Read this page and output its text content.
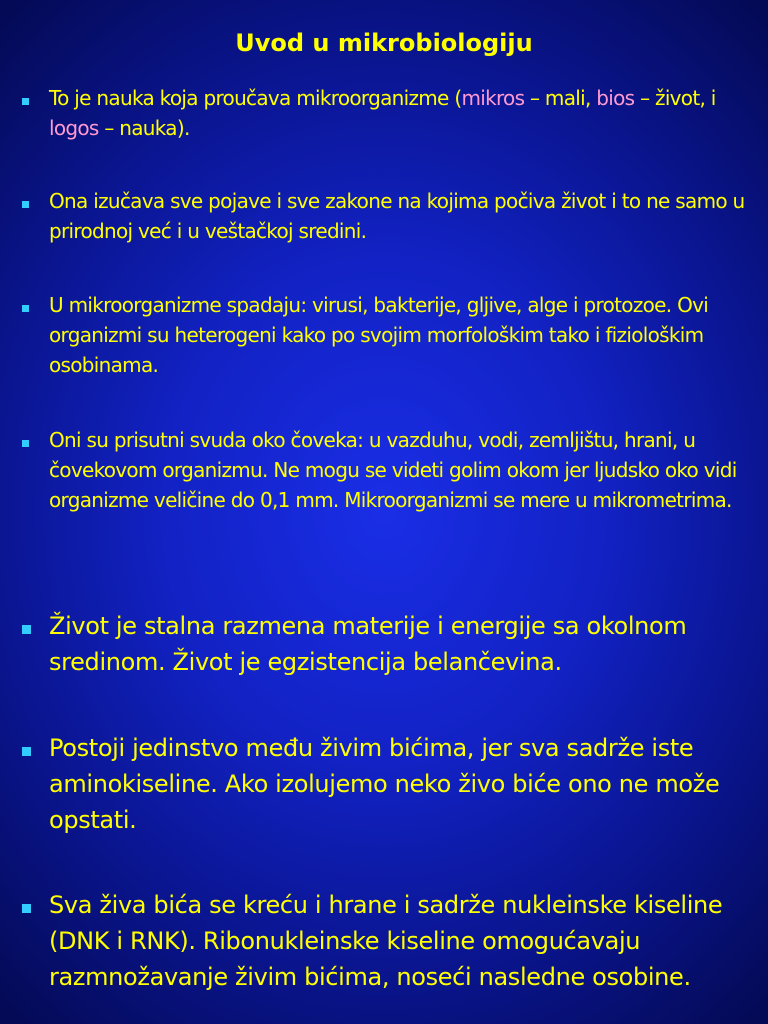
Uvod u mikrobiologiju

To je nauka koja proučava mikroorganizme (mikros – mali, bios – život, i logos – nauka).

Ona izučava sve pojave i sve zakone na kojima počiva život i to ne samo u prirodnoj već i u veštačkoj sredini.

U mikroorganizme spadaju: virusi, bakterije, gljive, alge i protozoe. Ovi organizmi su heterogeni kako po svojim morfološkim tako i fiziološkim osobinama.

Oni su prisutni svuda oko čoveka: u vazduhu, vodi, zemljištu, hrani, u čovekovom organizmu. Ne mogu se videti golim okom jer ljudsko oko vidi organizme veličine do 0,1 mm. Mikroorganizmi se mere u mikrometrima.

Život je stalna razmena materije i energije sa okolnom sredinom. Život je egzistencija belančevina.

Postoji jedinstvo među živim bićima, jer sva sadrže iste aminokiseline. Ako izolujemo neko živo biće ono ne može opstati.

Sva živa bića se kreću i hrane i sadrže nukleinske kiseline (DNK i RNK). Ribonukleinske kiseline omogućavaju razmnožavanje živim bićima, noseći nasledne osobine.
